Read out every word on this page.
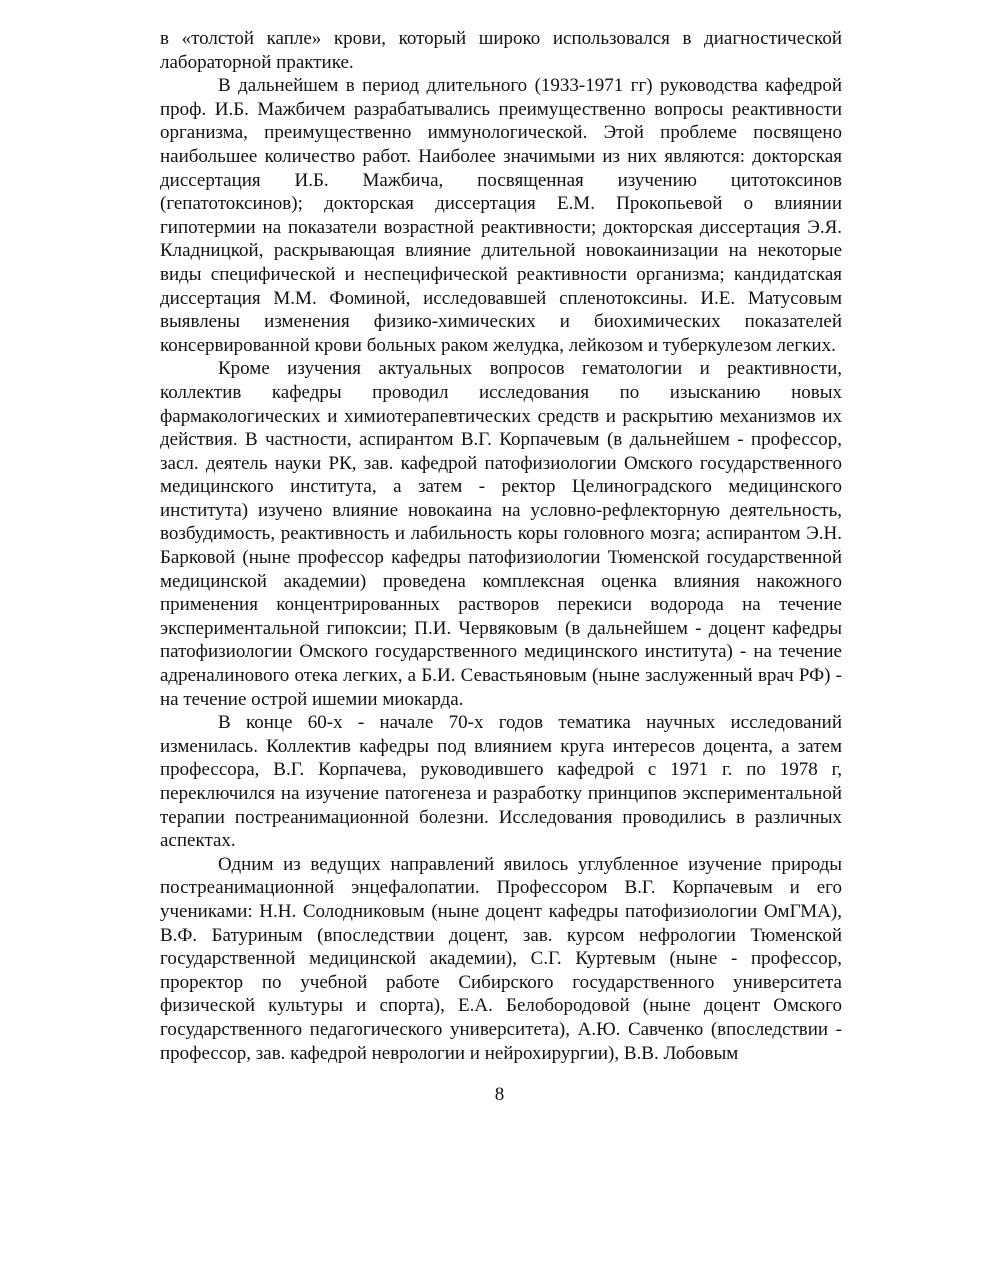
в «толстой капле» крови, который широко использовался в диагностической лабораторной практике.

В дальнейшем в период длительного (1933-1971 гг) руководства кафедрой проф. И.Б. Мажбичем разрабатывались преимущественно вопросы реактивности организма, преимущественно иммунологической. Этой проблеме посвящено наибольшее количество работ. Наиболее значимыми из них являются: докторская диссертация И.Б. Мажбича, посвященная изучению цитотоксинов (гепатотоксинов); докторская диссертация Е.М. Прокопьевой о влиянии гипотермии на показатели возрастной реактивности; докторская диссертация Э.Я. Кладницкой, раскрывающая влияние длительной новокаинизации на некоторые виды специфической и неспецифической реактивности организма; кандидатская диссертация М.М. Фоминой, исследовавшей спленотоксины. И.Е. Матусовым выявлены изменения физико-химических и биохимических показателей консервированной крови больных раком желудка, лейкозом и туберкулезом легких.

Кроме изучения актуальных вопросов гематологии и реактивности, коллектив кафедры проводил исследования по изысканию новых фармакологических и химиотерапевтических средств и раскрытию механизмов их действия. В частности, аспирантом В.Г. Корпачевым (в дальнейшем - профессор, засл. деятель науки РК, зав. кафедрой патофизиологии Омского государственного медицинского института, а затем - ректор Целиноградского медицинского института) изучено влияние новокаина на условно-рефлекторную деятельность, возбудимость, реактивность и лабильность коры головного мозга; аспирантом Э.Н. Барковой (ныне профессор кафедры патофизиологии Тюменской государственной медицинской академии) проведена комплексная оценка влияния накожного применения концентрированных растворов перекиси водорода на течение экспериментальной гипоксии; П.И. Червяковым (в дальнейшем - доцент кафедры патофизиологии Омского государственного медицинского института) - на течение адреналинового отека легких, а Б.И. Севастьяновым (ныне заслуженный врач РФ) - на течение острой ишемии миокарда.

В конце 60-х - начале 70-х годов тематика научных исследований изменилась. Коллектив кафедры под влиянием круга интересов доцента, а затем профессора, В.Г. Корпачева, руководившего кафедрой с 1971 г. по 1978 г, переключился на изучение патогенеза и разработку принципов экспериментальной терапии постреанимационной болезни. Исследования проводились в различных аспектах.

Одним из ведущих направлений явилось углубленное изучение природы постреанимационной энцефалопатии. Профессором В.Г. Корпачевым и его учениками: Н.Н. Солодниковым (ныне доцент кафедры патофизиологии ОмГМА), В.Ф. Батуриным (впоследствии доцент, зав. курсом нефрологии Тюменской государственной медицинской академии), С.Г. Куртевым (ныне - профессор, проректор по учебной работе Сибирского государственного университета физической культуры и спорта), Е.А. Белобородовой (ныне доцент Омского государственного педагогического университета), А.Ю. Савченко (впоследствии - профессор, зав. кафедрой неврологии и нейрохирургии), В.В. Лобовым

8
